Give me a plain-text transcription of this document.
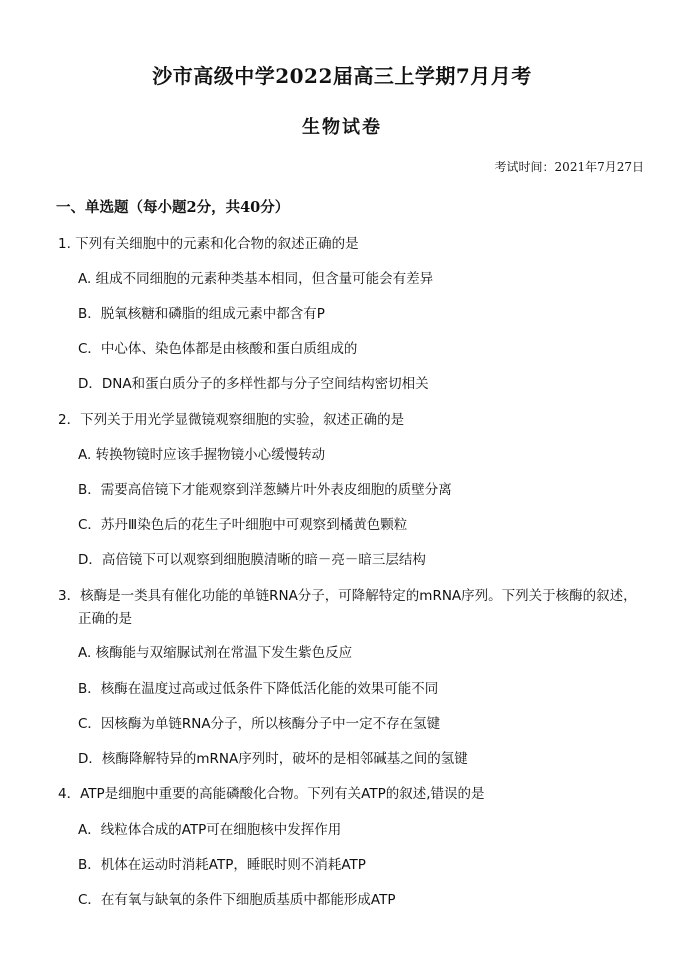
沙市高级中学2022届高三上学期7月月考
生物试卷
考试时间：2021年7月27日
一、单选题（每小题2分，共40分）
1. 下列有关细胞中的元素和化合物的叙述正确的是
A. 组成不同细胞的元素种类基本相同，但含量可能会有差异
B．脱氧核糖和磷脂的组成元素中都含有P
C．中心体、染色体都是由核酸和蛋白质组成的
D．DNA和蛋白质分子的多样性都与分子空间结构密切相关
2．下列关于用光学显微镜观察细胞的实验，叙述正确的是
A. 转换物镜时应该手握物镜小心缓慢转动
B．需要高倍镜下才能观察到洋葱鳞片叶外表皮细胞的质壁分离
C．苏丹Ⅲ染色后的花生子叶细胞中可观察到橘黄色颗粒
D．高倍镜下可以观察到细胞膜清晰的暗－亮－暗三层结构
3．核酶是一类具有催化功能的单链RNA分子，可降解特定的mRNA序列。下列关于核酶的叙述，
正确的是
A. 核酶能与双缩脲试剂在常温下发生紫色反应
B．核酶在温度过高或过低条件下降低活化能的效果可能不同
C．因核酶为单链RNA分子，所以核酶分子中一定不存在氢键
D．核酶降解特异的mRNA序列时，破坏的是相邻碱基之间的氢键
4．ATP是细胞中重要的高能磷酸化合物。下列有关ATP的叙述,错误的是
A．线粒体合成的ATP可在细胞核中发挥作用
B．机体在运动时消耗ATP，睡眠时则不消耗ATP
C．在有氧与缺氧的条件下细胞质基质中都能形成ATP
